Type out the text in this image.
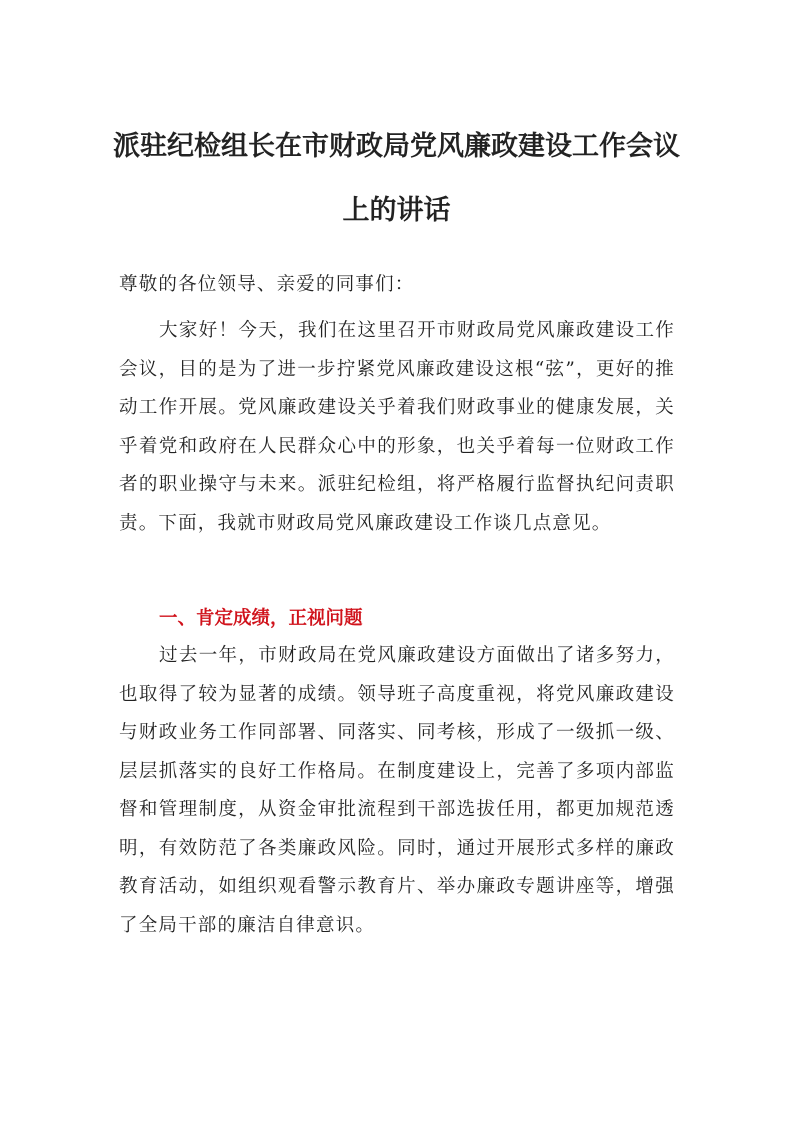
派驻纪检组长在市财政局党风廉政建设工作会议上的讲话
尊敬的各位领导、亲爱的同事们：
大家好！今天，我们在这里召开市财政局党风廉政建设工作会议，目的是为了进一步拧紧党风廉政建设这根“弦”，更好的推动工作开展。党风廉政建设关乎着我们财政事业的健康发展，关乎着党和政府在人民群众心中的形象，也关乎着每一位财政工作者的职业操守与未来。派驻纪检组，将严格履行监督执纪问责职责。下面，我就市财政局党风廉政建设工作谈几点意见。
一、肯定成绩，正视问题
过去一年，市财政局在党风廉政建设方面做出了诸多努力，也取得了较为显著的成绩。领导班子高度重视，将党风廉政建设与财政业务工作同部署、同落实、同考核，形成了一级抓一级、层层抓落实的良好工作格局。在制度建设上，完善了多项内部监督和管理制度，从资金审批流程到干部选拔任用，都更加规范透明，有效防范了各类廉政风险。同时，通过开展形式多样的廉政教育活动，如组织观看警示教育片、举办廉政专题讲座等，增强了全局干部的廉洁自律意识。
